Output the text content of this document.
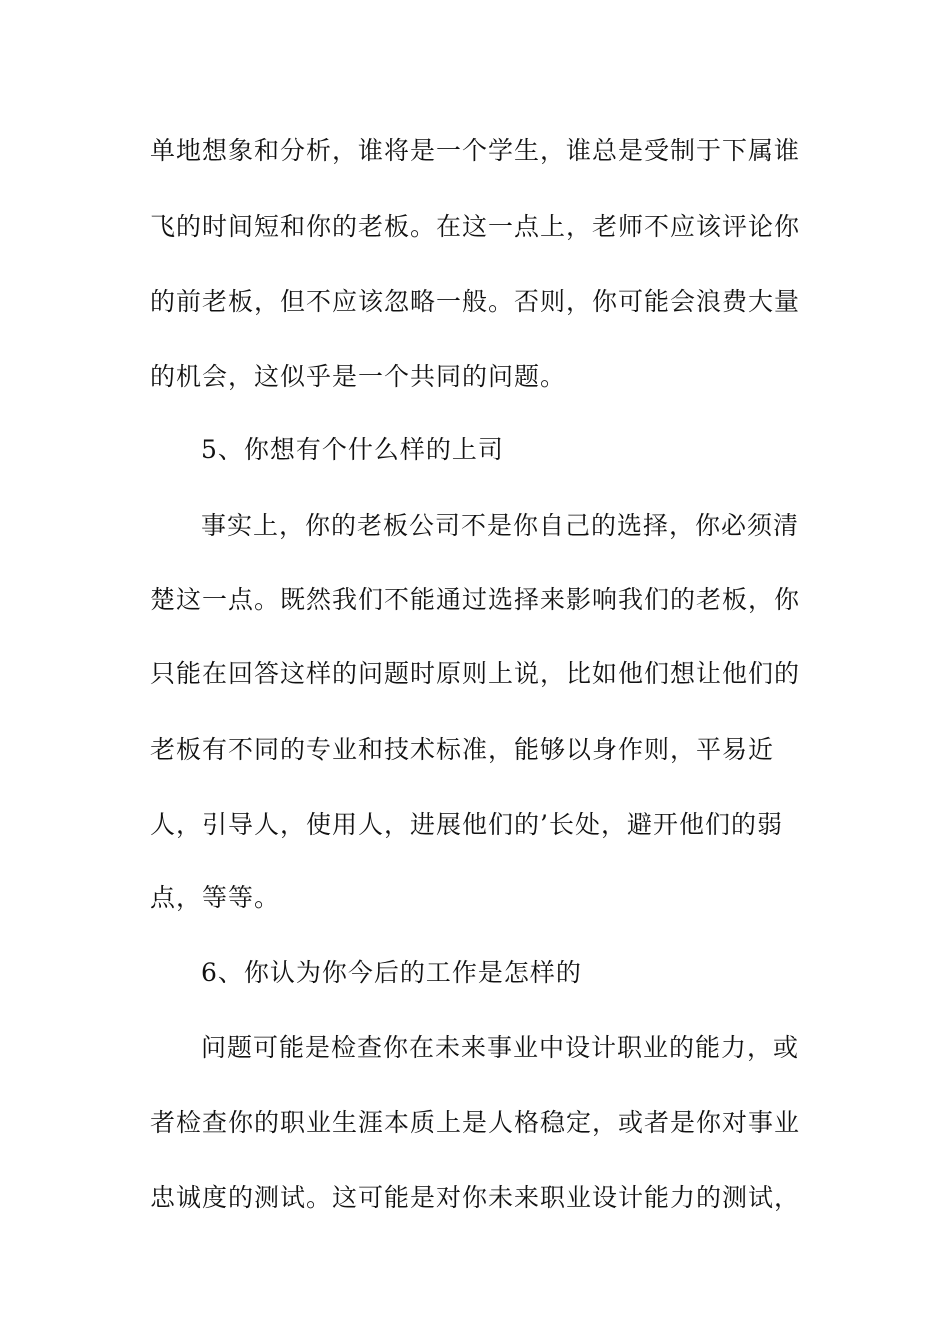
单地想象和分析，谁将是一个学生，谁总是受制于下属谁
飞的时间短和你的老板。在这一点上，老师不应该评论你
的前老板，但不应该忽略一般。否则，你可能会浪费大量
的机会，这似乎是一个共同的问题。
5、你想有个什么样的上司
事实上，你的老板公司不是你自己的选择，你必须清
楚这一点。既然我们不能通过选择来影响我们的老板，你
只能在回答这样的问题时原则上说，比如他们想让他们的
老板有不同的专业和技术标准，能够以身作则，平易近
人，引导人，使用人，进展他们的’长处，避开他们的弱
点，等等。
6、你认为你今后的工作是怎样的
问题可能是检查你在未来事业中设计职业的能力，或
者检查你的职业生涯本质上是人格稳定，或者是你对事业
忠诚度的测试。这可能是对你未来职业设计能力的测试，
